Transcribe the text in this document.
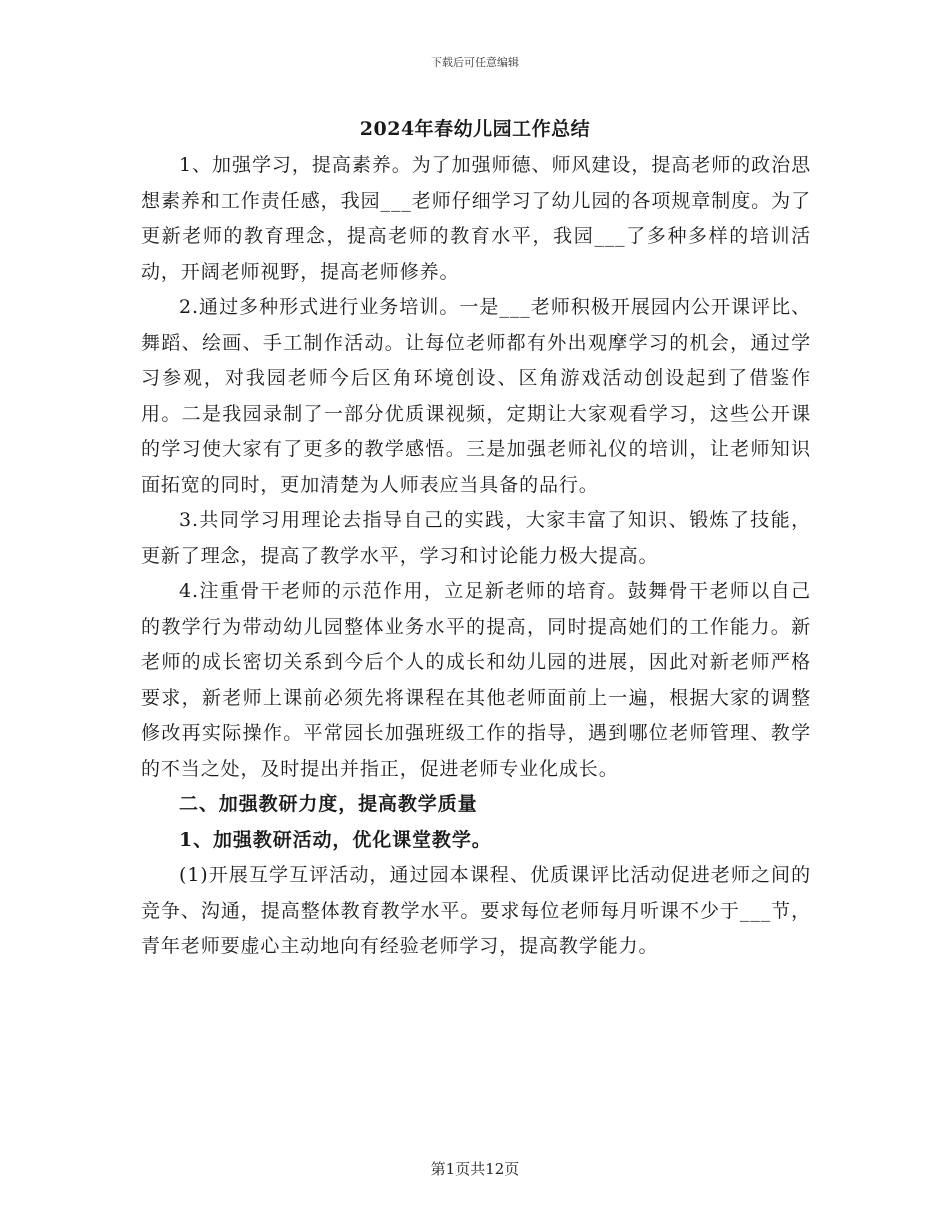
下载后可任意编辑
2024年春幼儿园工作总结

1、加强学习，提高素养。为了加强师德、师风建设，提高老师的政治思想素养和工作责任感，我园___老师仔细学习了幼儿园的各项规章制度。为了更新老师的教育理念，提高老师的教育水平，我园___了多种多样的培训活动，开阔老师视野，提高老师修养。

2.通过多种形式进行业务培训。一是___老师积极开展园内公开课评比、舞蹈、绘画、手工制作活动。让每位老师都有外出观摩学习的机会，通过学习参观，对我园老师今后区角环境创设、区角游戏活动创设起到了借鉴作用。二是我园录制了一部分优质课视频，定期让大家观看学习，这些公开课的学习使大家有了更多的教学感悟。三是加强老师礼仪的培训，让老师知识面拓宽的同时，更加清楚为人师表应当具备的品行。

3.共同学习用理论去指导自己的实践，大家丰富了知识、锻炼了技能，更新了理念，提高了教学水平，学习和讨论能力极大提高。

4.注重骨干老师的示范作用，立足新老师的培育。鼓舞骨干老师以自己的教学行为带动幼儿园整体业务水平的提高，同时提高她们的工作能力。新老师的成长密切关系到今后个人的成长和幼儿园的进展，因此对新老师严格要求，新老师上课前必须先将课程在其他老师面前上一遍，根据大家的调整修改再实际操作。平常园长加强班级工作的指导，遇到哪位老师管理、教学的不当之处，及时提出并指正，促进老师专业化成长。

二、加强教研力度，提高教学质量

1、加强教研活动，优化课堂教学。

(1)开展互学互评活动，通过园本课程、优质课评比活动促进老师之间的竞争、沟通，提高整体教育教学水平。要求每位老师每月听课不少于___节，青年老师要虚心主动地向有经验老师学习，提高教学能力。

第1页共12页
